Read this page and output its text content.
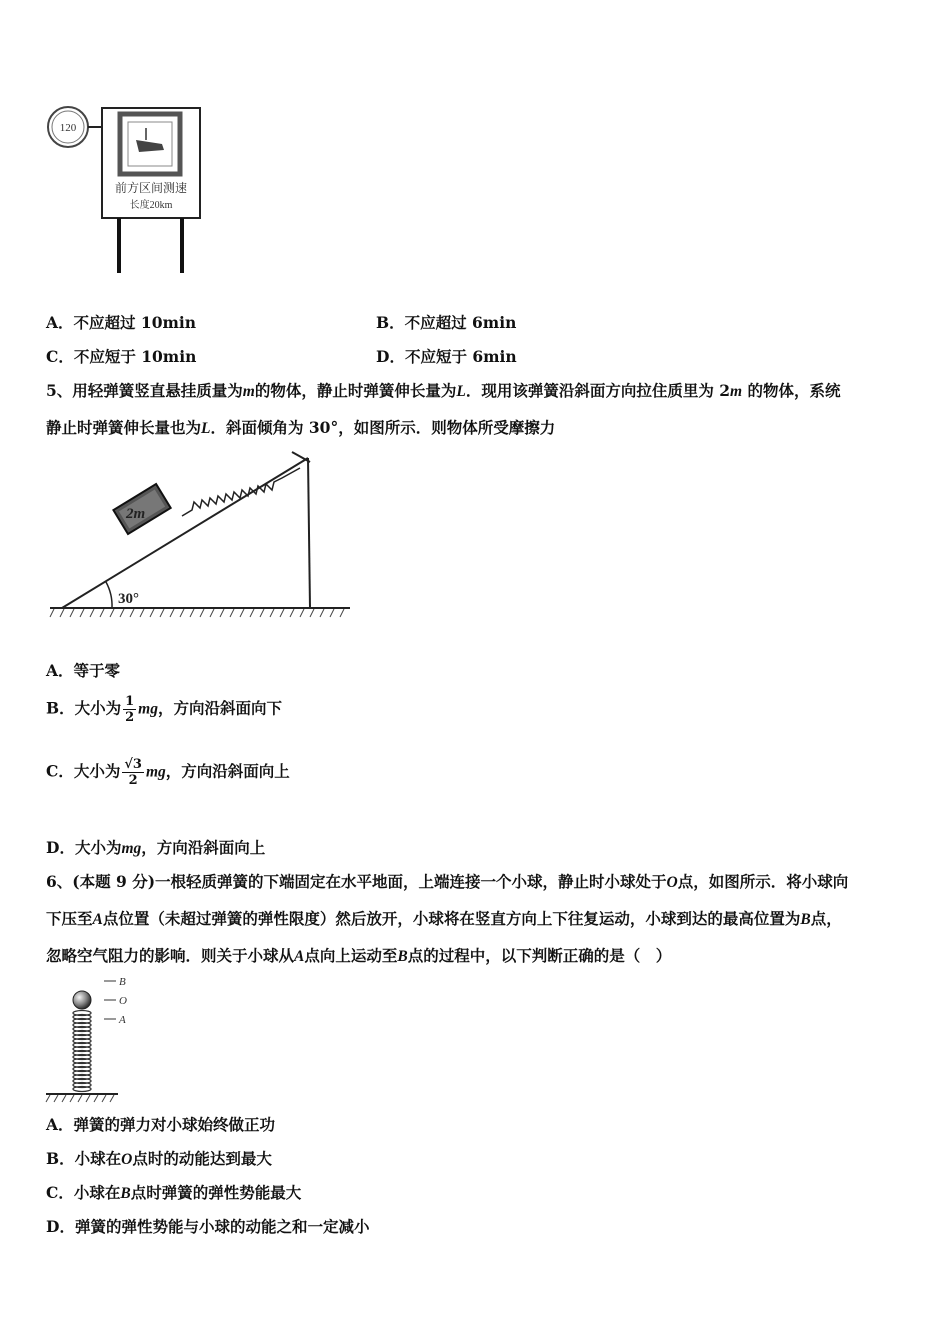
120
前方区间测速
长度20km
A．不应超过 10min	B．不应超过 6min
C．不应短于 10min	D．不应短于 6min
5、用轻弹簧竖直悬挂质量为m的物体，静止时弹簧伸长量为L．现用该弹簧沿斜面方向拉住质里为 2m 的物体，系统
静止时弹簧伸长量也为L．斜面倾角为 30°，如图所示．则物体所受摩擦力
30°
2m
A．等于零
B．大小为 $\frac{1}{2}$ mg，方向沿斜面向下
C．大小为 $\frac{√3}{2}$ mg，方向沿斜面向上
D．大小为mg，方向沿斜面向上
6、(本题 9 分)一根轻质弹簧的下端固定在水平地面，上端连接一个小球，静止时小球处于O点，如图所示．将小球向
下压至A点位置（未超过弹簧的弹性限度）然后放开，小球将在竖直方向上下往复运动，小球到达的最高位置为B点，
忽略空气阻力的影响．则关于小球从A点向上运动至B点的过程中，以下判断正确的是（　）
B
O
A
A．弹簧的弹力对小球始终做正功
B．小球在O点时的动能达到最大
C．小球在B点时弹簧的弹性势能最大
D．弹簧的弹性势能与小球的动能之和一定减小
